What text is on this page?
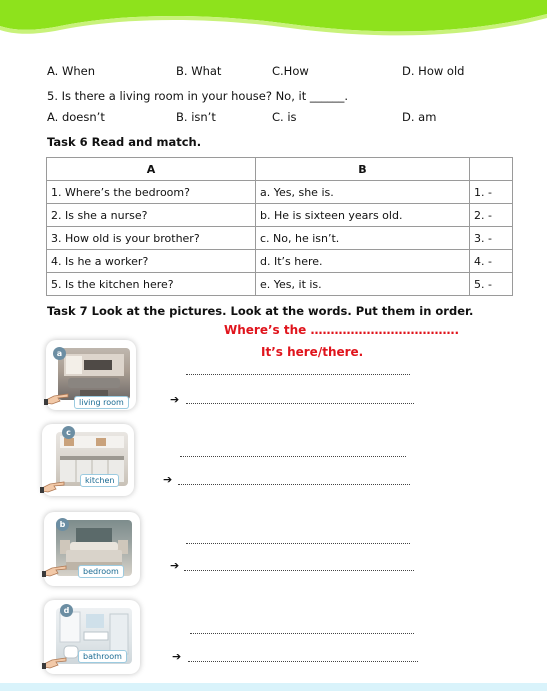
A. When	B. What	C.How	D. How old
5. Is there a living room in your house? No, it ______.
A. doesn’t	B. isn’t	C. is	D. am
Task 6 Read and match.
A	B	
1. Where’s the bedroom?	a. Yes, she is.	1. -
2. Is she a nurse?	b. He is sixteen years old.	2. -
3. How old is your brother?	c. No, he isn’t.	3. -
4. Is he a worker?	d. It’s here.	4. -
5. Is the kitchen here?	e. Yes, it is.	5. -
Task 7 Look at the pictures. Look at the words. Put them in order.
Where’s the ……………………………….
It’s here/there.
a
living room	➔
c
kitchen	➔
b
bedroom	➔
d
bathroom	➔
